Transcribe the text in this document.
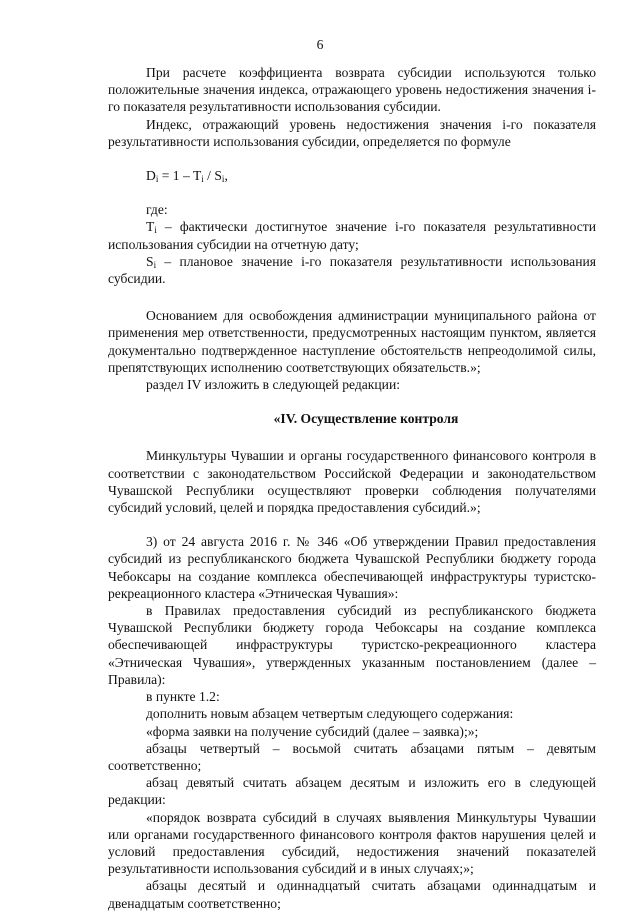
6

При расчете коэффициента возврата субсидии используются только положительные значения индекса, отражающего уровень недостижения значения i-го показателя результативности использования субсидии.

Индекс, отражающий уровень недостижения значения i-го показателя результативности использования субсидии, определяется по формуле

$D_i = 1 - T_i / S_i$,

где:

Ti – фактически достигнутое значение i-го показателя результативности использования субсидии на отчетную дату;

Si – плановое значение i-го показателя результативности использования субсидии.

Основанием для освобождения администрации муниципального района от применения мер ответственности, предусмотренных настоящим пунктом, является документально подтвержденное наступление обстоятельств непреодолимой силы, препятствующих исполнению соответствующих обязательств.»;

раздел IV изложить в следующей редакции:

«IV. Осуществление контроля

Минкультуры Чувашии и органы государственного финансового контроля в соответствии с законодательством Российской Федерации и законодательством Чувашской Республики осуществляют проверки соблюдения получателями субсидий условий, целей и порядка предоставления субсидий.»;

3) от 24 августа 2016 г. № 346 «Об утверждении Правил предоставления субсидий из республиканского бюджета Чувашской Республики бюджету города Чебоксары на создание комплекса обеспечивающей инфраструктуры туристско-рекреационного кластера «Этническая Чувашия»:

в Правилах предоставления субсидий из республиканского бюджета Чувашской Республики бюджету города Чебоксары на создание комплекса обеспечивающей инфраструктуры туристско-рекреационного кластера «Этническая Чувашия», утвержденных указанным постановлением (далее – Правила):

в пункте 1.2:

дополнить новым абзацем четвертым следующего содержания:

«форма заявки на получение субсидий (далее – заявка);»;

абзацы четвертый – восьмой считать абзацами пятым – девятым соответственно;

абзац девятый считать абзацем десятым и изложить его в следующей редакции:

«порядок возврата субсидий в случаях выявления Минкультуры Чувашии или органами государственного финансового контроля фактов нарушения целей и условий предоставления субсидий, недостижения значений показателей результативности использования субсидий и в иных случаях;»;

абзацы десятый и одиннадцатый считать абзацами одиннадцатым и двенадцатым соответственно;
